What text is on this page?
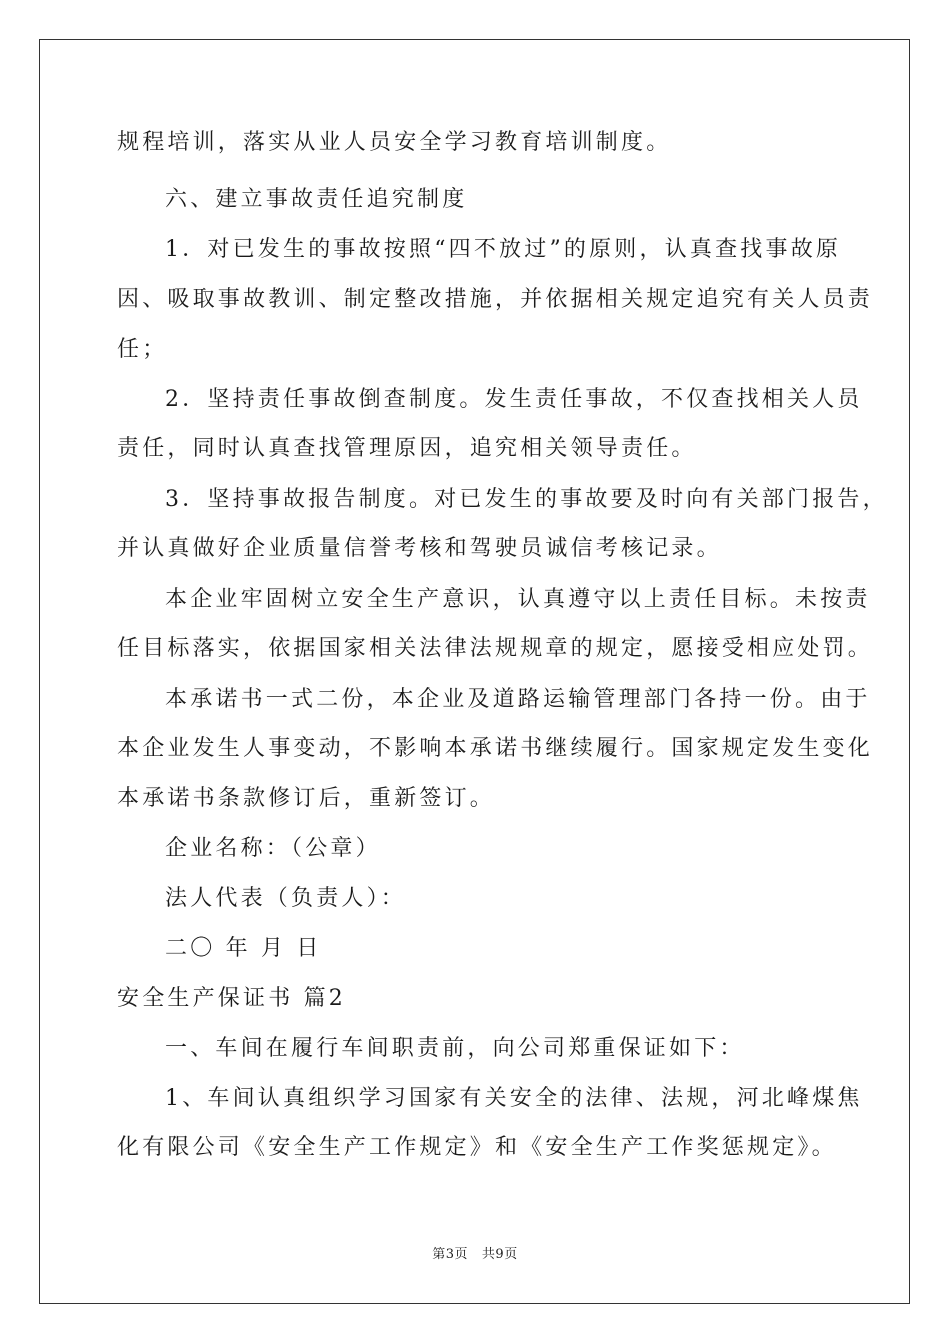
规程培训，落实从业人员安全学习教育培训制度。
六、建立事故责任追究制度
1．对已发生的事故按照“四不放过”的原则，认真查找事故原
因、吸取事故教训、制定整改措施，并依据相关规定追究有关人员责
任；
2．坚持责任事故倒查制度。发生责任事故，不仅查找相关人员
责任，同时认真查找管理原因，追究相关领导责任。
3．坚持事故报告制度。对已发生的事故要及时向有关部门报告，
并认真做好企业质量信誉考核和驾驶员诚信考核记录。
本企业牢固树立安全生产意识，认真遵守以上责任目标。未按责
任目标落实，依据国家相关法律法规规章的规定，愿接受相应处罚。
本承诺书一式二份，本企业及道路运输管理部门各持一份。由于
本企业发生人事变动，不影响本承诺书继续履行。国家规定发生变化
本承诺书条款修订后，重新签订。
企业名称：（公章）
法人代表（负责人）：
二〇 年 月 日
安全生产保证书 篇2
一、车间在履行车间职责前，向公司郑重保证如下：
1、车间认真组织学习国家有关安全的法律、法规，河北峰煤焦
化有限公司《安全生产工作规定》和《安全生产工作奖惩规定》。
第3页   共9页
